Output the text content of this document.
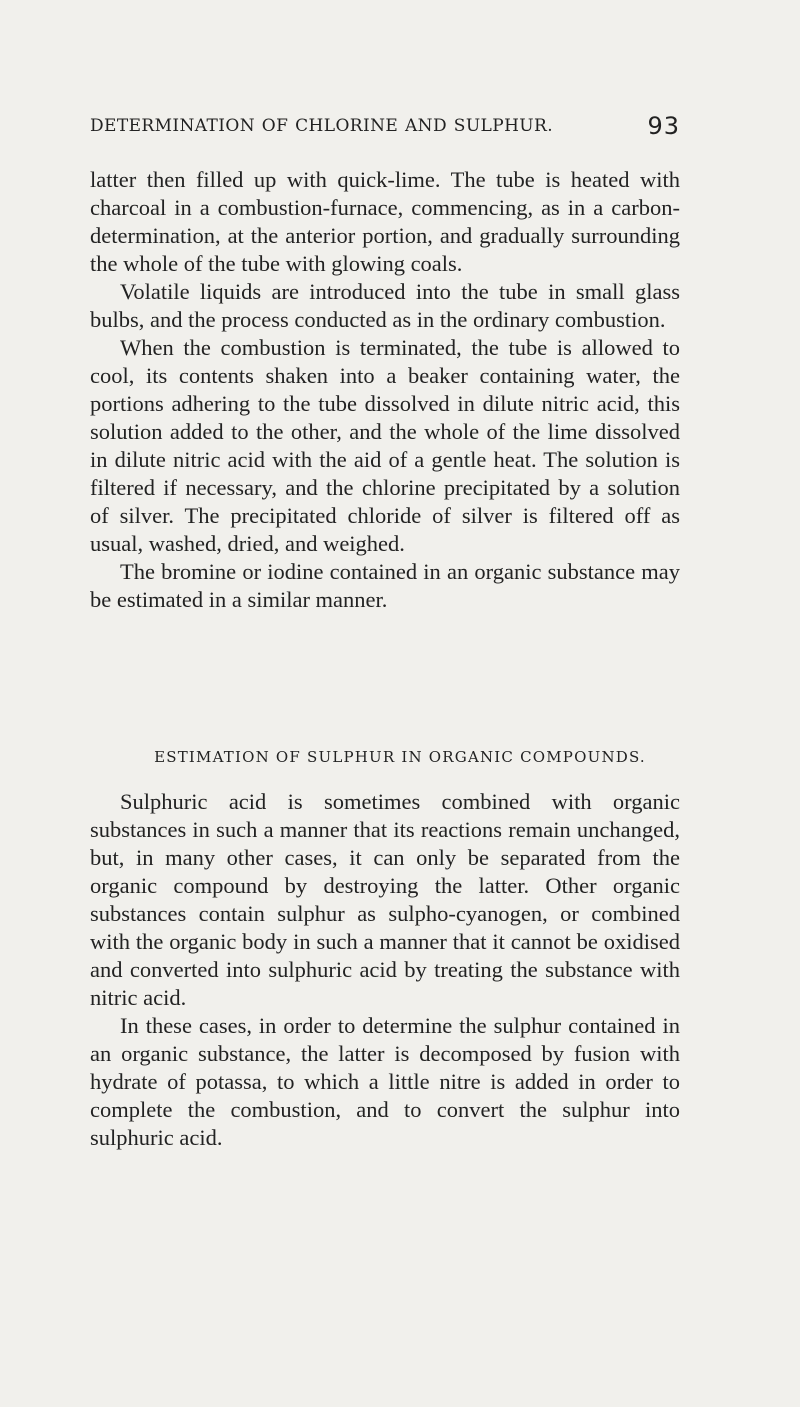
DETERMINATION OF CHLORINE AND SULPHUR.	93

latter then filled up with quick-lime. The tube is heated with charcoal in a combustion-furnace, commencing, as in a carbon-determination, at the anterior portion, and gradually surrounding the whole of the tube with glowing coals.

Volatile liquids are introduced into the tube in small glass bulbs, and the process conducted as in the ordinary combustion.

When the combustion is terminated, the tube is allowed to cool, its contents shaken into a beaker containing water, the portions adhering to the tube dissolved in dilute nitric acid, this solution added to the other, and the whole of the lime dissolved in dilute nitric acid with the aid of a gentle heat. The solution is filtered if necessary, and the chlorine precipitated by a solution of silver. The precipitated chloride of silver is filtered off as usual, washed, dried, and weighed.

The bromine or iodine contained in an organic substance may be estimated in a similar manner.

ESTIMATION OF SULPHUR IN ORGANIC COMPOUNDS.

Sulphuric acid is sometimes combined with organic substances in such a manner that its reactions remain unchanged, but, in many other cases, it can only be separated from the organic compound by destroying the latter. Other organic substances contain sulphur as sulpho-cyanogen, or combined with the organic body in such a manner that it cannot be oxidised and converted into sulphuric acid by treating the substance with nitric acid.

In these cases, in order to determine the sulphur contained in an organic substance, the latter is decomposed by fusion with hydrate of potassa, to which a little nitre is added in order to complete the combustion, and to convert the sulphur into sulphuric acid.
